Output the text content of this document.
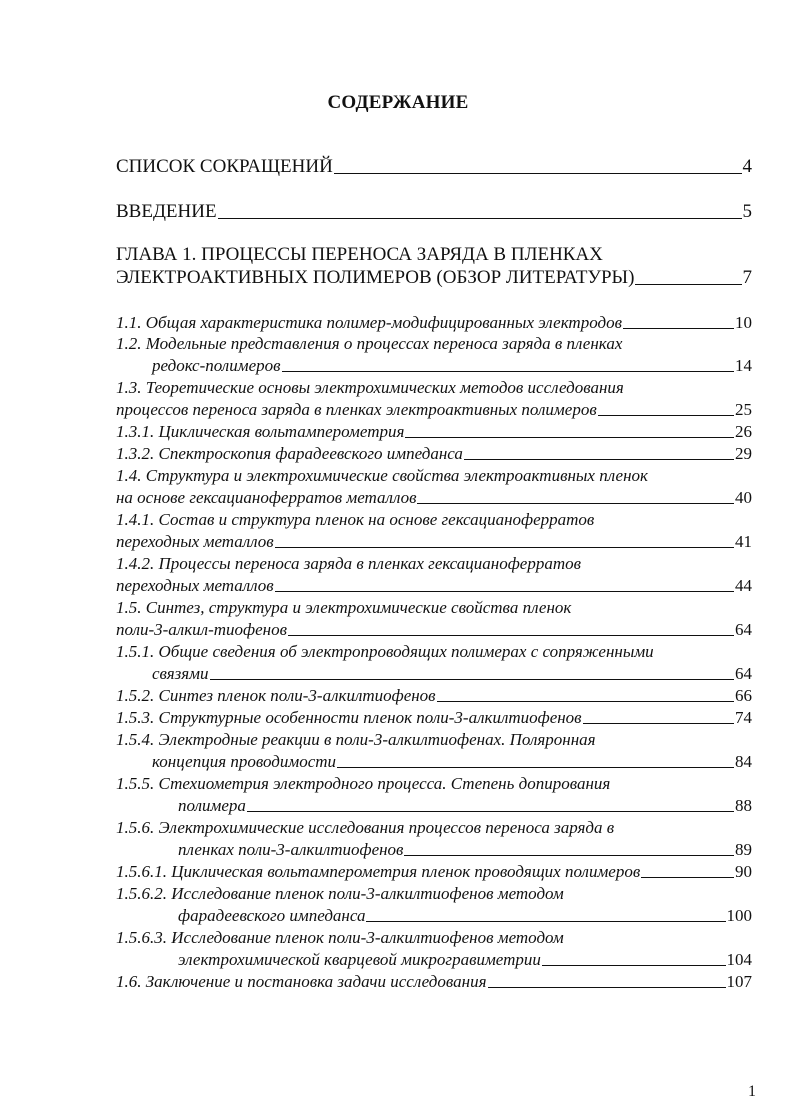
СОДЕРЖАНИЕ
СПИСОК СОКРАЩЕНИЙ	4
ВВЕДЕНИЕ	5
ГЛАВА 1. ПРОЦЕССЫ ПЕРЕНОСА ЗАРЯДА В ПЛЕНКАХ
ЭЛЕКТРОАКТИВНЫХ ПОЛИМЕРОВ (ОБЗОР ЛИТЕРАТУРЫ)	7
1.1. Общая характеристика полимер-модифицированных электродов	10
1.2. Модельные представления о процессах переноса заряда в пленках
редокс-полимеров	14
1.3. Теоретические основы электрохимических методов исследования
процессов переноса заряда в пленках электроактивных полимеров	25
1.3.1. Циклическая вольтамперометрия	26
1.3.2. Спектроскопия фарадеевского импеданса	29
1.4. Структура и электрохимические свойства электроактивных пленок
на основе гексацианоферратов металлов	40
1.4.1. Состав и структура пленок на основе гексацианоферратов
переходных металлов	41
1.4.2. Процессы переноса заряда в пленках гексацианоферратов
переходных металлов	44
1.5. Синтез, структура и электрохимические свойства пленок
поли-3-алкил-тиофенов	64
1.5.1. Общие сведения об электропроводящих полимерах с сопряженными
связями	64
1.5.2. Синтез пленок поли-3-алкилтиофенов	66
1.5.3. Структурные особенности пленок поли-3-алкилтиофенов	74
1.5.4. Электродные реакции в поли-3-алкилтиофенах. Поляронная
концепция проводимости	84
1.5.5. Стехиометрия электродного процесса. Степень допирования
полимера	88
1.5.6. Электрохимические исследования процессов переноса заряда в
пленках поли-3-алкилтиофенов	89
1.5.6.1. Циклическая вольтамперометрия пленок проводящих полимеров	90
1.5.6.2. Исследование пленок поли-3-алкилтиофенов методом
фарадеевского импеданса	100
1.5.6.3. Исследование пленок поли-3-алкилтиофенов методом
электрохимической кварцевой микрогравиметрии	104
1.6. Заключение и постановка задачи исследования	107
1
